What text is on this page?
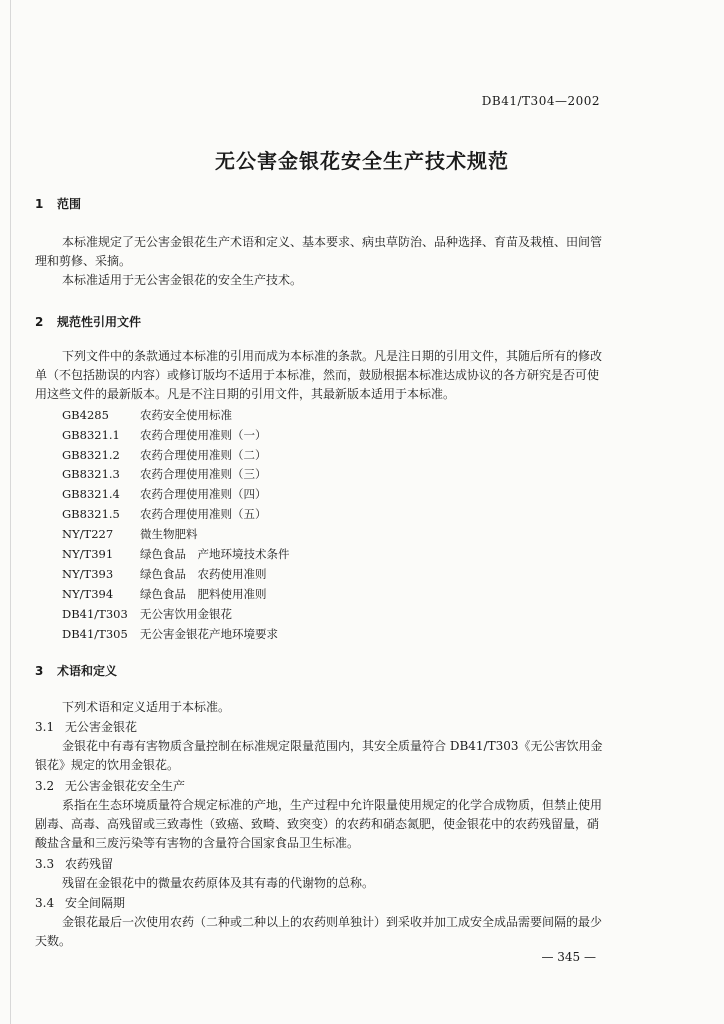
DB41/T304—2002
无公害金银花安全生产技术规范
1 范围
本标准规定了无公害金银花生产术语和定义、基本要求、病虫草防治、品种选择、育苗及栽植、田间管理和剪修、采摘。
本标准适用于无公害金银花的安全生产技术。
2 规范性引用文件
下列文件中的条款通过本标准的引用而成为本标准的条款。凡是注日期的引用文件，其随后所有的修改单（不包括勘误的内容）或修订版均不适用于本标准，然而，鼓励根据本标准达成协议的各方研究是否可使用这些文件的最新版本。凡是不注日期的引用文件，其最新版本适用于本标准。
GB4285	农药安全使用标准
GB8321.1 农药合理使用准则（一）
GB8321.2 农药合理使用准则（二）
GB8321.3 农药合理使用准则（三）
GB8321.4 农药合理使用准则（四）
GB8321.5 农药合理使用准则（五）
NY/T227 微生物肥料
NY/T391 绿色食品　产地环境技术条件
NY/T393 绿色食品　农药使用准则
NY/T394 绿色食品　肥料使用准则
DB41/T303 无公害饮用金银花
DB41/T305 无公害金银花产地环境要求
3 术语和定义
下列术语和定义适用于本标准。
3.1 无公害金银花
金银花中有毒有害物质含量控制在标准规定限量范围内，其安全质量符合 DB41/T303《无公害饮用金银花》规定的饮用金银花。
3.2 无公害金银花安全生产
系指在生态环境质量符合规定标准的产地，生产过程中允许限量使用规定的化学合成物质，但禁止使用剧毒、高毒、高残留或三致毒性（致癌、致畸、致突变）的农药和硝态氮肥，使金银花中的农药残留量，硝酸盐含量和三废污染等有害物的含量符合国家食品卫生标准。
3.3 农药残留
残留在金银花中的微量农药原体及其有毒的代谢物的总称。
3.4 安全间隔期
金银花最后一次使用农药（二种或二种以上的农药则单独计）到采收并加工成安全成品需要间隔的最少天数。
— 345 —
